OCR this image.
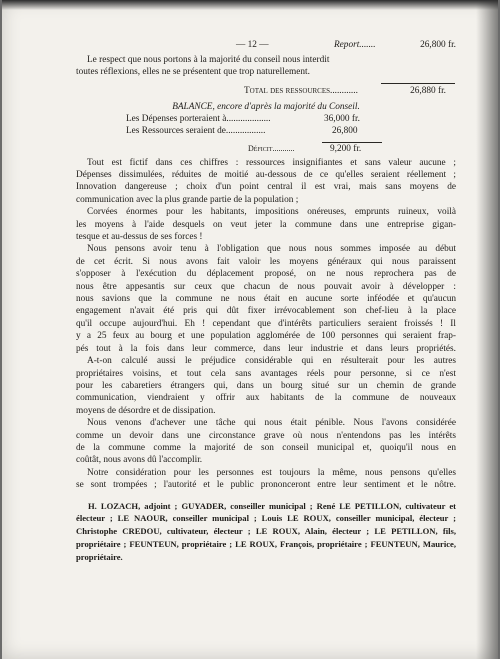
— 12 —	Report.......	26,800 fr.
Le respect que nous portons à la majorité du conseil nous interdit
toutes réflexions, elles ne se présentent que trop naturellement.
Total des ressources............	26,880 fr.
BALANCE, encore d'après la majorité du Conseil.
Les Dépenses porteraient à...................	36,000 fr.
Les Ressources seraient de.................	26,800
Déficit...........	9,200 fr.
Tout est fictif dans ces chiffres : ressources insignifiantes et sans valeur aucune ;
Dépenses dissimulées, réduites de moitié au-dessous de ce qu'elles seraient réellement ;
Innovation dangereuse ; choix d'un point central il est vrai, mais sans moyens de
communication avec la plus grande partie de la population ;
Corvées énormes pour les habitants, impositions onéreuses, emprunts ruineux, voilà
les moyens à l'aide desquels on veut jeter la commune dans une entreprise gigan-
tesque et au-dessus de ses forces !
Nous pensons avoir tenu à l'obligation que nous nous sommes imposée au début
de cet écrit. Si nous avons fait valoir les moyens généraux qui nous paraissent
s'opposer à l'exécution du déplacement proposé, on ne nous reprochera pas de
nous être appesantis sur ceux que chacun de nous pouvait avoir à développer :
nous savions que la commune ne nous était en aucune sorte inféodée et qu'aucun
engagement n'avait été pris qui dût fixer irrévocablement son chef-lieu à la place
qu'il occupe aujourd'hui. Eh ! cependant que d'intérêts particuliers seraient froissés ! Il
y a 25 feux au bourg et une population agglomérée de 100 personnes qui seraient frap-
pés tout à la fois dans leur commerce, dans leur industrie et dans leurs propriétés.
A-t-on calculé aussi le préjudice considérable qui en résulterait pour les autres
propriétaires voisins, et tout cela sans avantages réels pour personne, si ce n'est
pour les cabaretiers étrangers qui, dans un bourg situé sur un chemin de grande
communication, viendraient y offrir aux habitants de la commune de nouveaux
moyens de désordre et de dissipation.
Nous venons d'achever une tâche qui nous était pénible. Nous l'avons considérée
comme un devoir dans une circonstance grave où nous n'entendons pas les intérêts
de la commune comme la majorité de son conseil municipal et, quoiqu'il nous en
coûtât, nous avons dû l'accomplir.
Notre considération pour les personnes est toujours la même, nous pensons qu'elles
se sont trompées ; l'autorité et le public prononceront entre leur sentiment et le nôtre.
H. LOZACH, adjoint ; GUYADER, conseiller municipal ; René LE PETILLON, cultivateur et électeur ; LE NAOUR, conseiller municipal ; Louis LE ROUX, conseiller municipal, électeur ; Christophe CREDOU, cultivateur, électeur ; LE ROUX, Alain, électeur ; LE PETILLON, fils, propriétaire ; FEUNTEUN, propriétaire ; LE ROUX, François, propriétaire ; FEUNTEUN, Maurice, propriétaire.
